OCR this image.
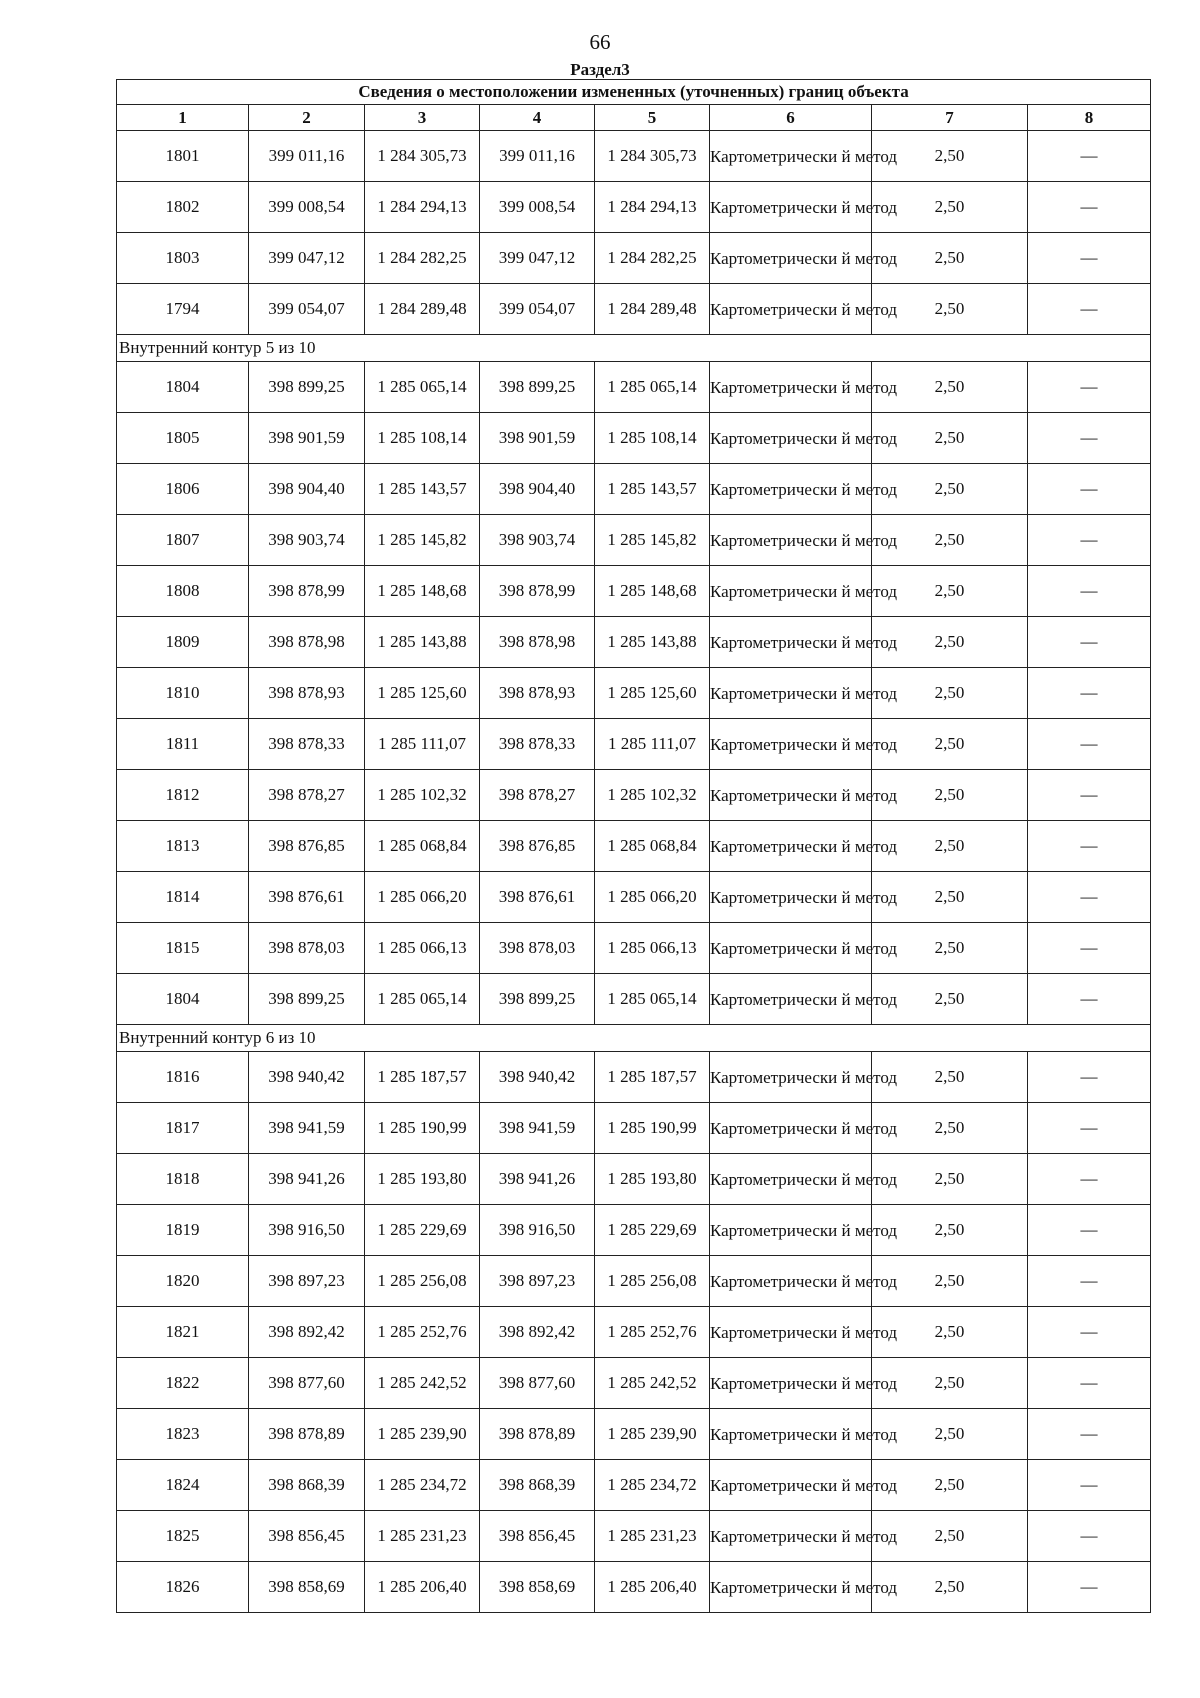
66
Раздел3
Сведения о местоположении измененных (уточненных) границ объекта							
1	2	3	4	5	6	7	8
1801	399 011,16	1 284 305,73	399 011,16	1 284 305,73	Картометрически й метод	2,50	—
1802	399 008,54	1 284 294,13	399 008,54	1 284 294,13	Картометрически й метод	2,50	—
1803	399 047,12	1 284 282,25	399 047,12	1 284 282,25	Картометрически й метод	2,50	—
1794	399 054,07	1 284 289,48	399 054,07	1 284 289,48	Картометрически й метод	2,50	—
Внутренний контур 5 из 10							
1804	398 899,25	1 285 065,14	398 899,25	1 285 065,14	Картометрически й метод	2,50	—
1805	398 901,59	1 285 108,14	398 901,59	1 285 108,14	Картометрически й метод	2,50	—
1806	398 904,40	1 285 143,57	398 904,40	1 285 143,57	Картометрически й метод	2,50	—
1807	398 903,74	1 285 145,82	398 903,74	1 285 145,82	Картометрически й метод	2,50	—
1808	398 878,99	1 285 148,68	398 878,99	1 285 148,68	Картометрически й метод	2,50	—
1809	398 878,98	1 285 143,88	398 878,98	1 285 143,88	Картометрически й метод	2,50	—
1810	398 878,93	1 285 125,60	398 878,93	1 285 125,60	Картометрически й метод	2,50	—
1811	398 878,33	1 285 111,07	398 878,33	1 285 111,07	Картометрически й метод	2,50	—
1812	398 878,27	1 285 102,32	398 878,27	1 285 102,32	Картометрически й метод	2,50	—
1813	398 876,85	1 285 068,84	398 876,85	1 285 068,84	Картометрически й метод	2,50	—
1814	398 876,61	1 285 066,20	398 876,61	1 285 066,20	Картометрически й метод	2,50	—
1815	398 878,03	1 285 066,13	398 878,03	1 285 066,13	Картометрически й метод	2,50	—
1804	398 899,25	1 285 065,14	398 899,25	1 285 065,14	Картометрически й метод	2,50	—
Внутренний контур 6 из 10							
1816	398 940,42	1 285 187,57	398 940,42	1 285 187,57	Картометрически й метод	2,50	—
1817	398 941,59	1 285 190,99	398 941,59	1 285 190,99	Картометрически й метод	2,50	—
1818	398 941,26	1 285 193,80	398 941,26	1 285 193,80	Картометрически й метод	2,50	—
1819	398 916,50	1 285 229,69	398 916,50	1 285 229,69	Картометрически й метод	2,50	—
1820	398 897,23	1 285 256,08	398 897,23	1 285 256,08	Картометрически й метод	2,50	—
1821	398 892,42	1 285 252,76	398 892,42	1 285 252,76	Картометрически й метод	2,50	—
1822	398 877,60	1 285 242,52	398 877,60	1 285 242,52	Картометрически й метод	2,50	—
1823	398 878,89	1 285 239,90	398 878,89	1 285 239,90	Картометрически й метод	2,50	—
1824	398 868,39	1 285 234,72	398 868,39	1 285 234,72	Картометрически й метод	2,50	—
1825	398 856,45	1 285 231,23	398 856,45	1 285 231,23	Картометрически й метод	2,50	—
1826	398 858,69	1 285 206,40	398 858,69	1 285 206,40	Картометрически й метод	2,50	—
